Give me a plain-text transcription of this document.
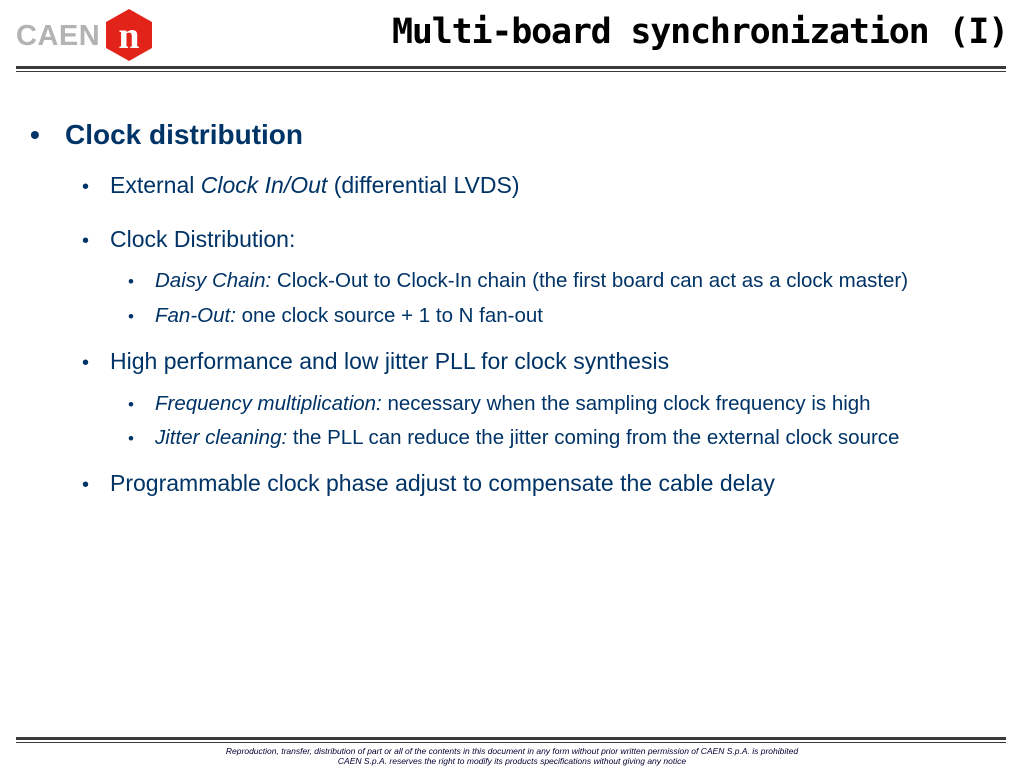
CAEN n	Multi-board synchronization (I)
• Clock distribution
• External Clock In/Out (differential LVDS)
• Clock Distribution:
• Daisy Chain: Clock-Out to Clock-In chain (the first board can act as a clock master)
• Fan-Out: one clock source + 1 to N fan-out
• High performance and low jitter PLL for clock synthesis
• Frequency multiplication: necessary when the sampling clock frequency is high
• Jitter cleaning: the PLL can reduce the jitter coming from the external clock source
• Programmable clock phase adjust to compensate the cable delay
Reproduction, transfer, distribution of part or all of the contents in this document in any form without prior written permission of CAEN S.p.A. is prohibited
CAEN S.p.A. reserves the right to modify its products specifications without giving any notice
